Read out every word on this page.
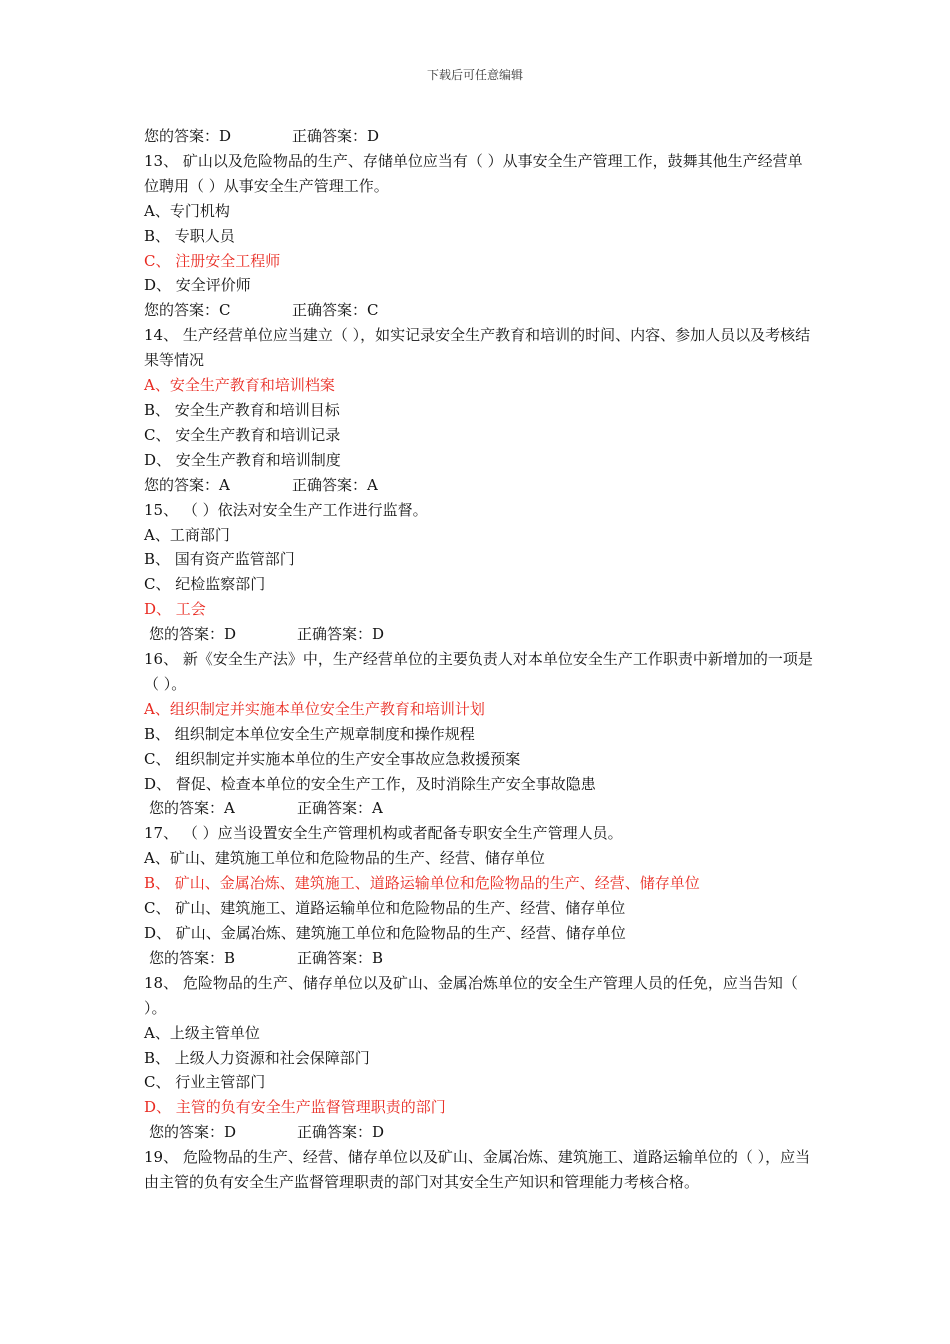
下载后可任意编辑
您的答案：D	正确答案：D
13、 矿山以及危险物品的生产、存储单位应当有（ ）从事安全生产管理工作，鼓舞其他生产经营单位聘用（ ）从事安全生产管理工作。
A、专门机构
B、 专职人员
C、 注册安全工程师
D、 安全评价师
您的答案：C	正确答案：C
14、 生产经营单位应当建立（ ），如实记录安全生产教育和培训的时间、内容、参加人员以及考核结果等情况
A、安全生产教育和培训档案
B、 安全生产教育和培训目标
C、 安全生产教育和培训记录
D、 安全生产教育和培训制度
您的答案：A	正确答案：A
15、 （ ）依法对安全生产工作进行监督。
A、工商部门
B、 国有资产监管部门
C、 纪检监察部门
D、 工会
您的答案：D	正确答案：D
16、 新《安全生产法》中，生产经营单位的主要负责人对本单位安全生产工作职责中新增加的一项是（ ）。
A、组织制定并实施本单位安全生产教育和培训计划
B、 组织制定本单位安全生产规章制度和操作规程
C、 组织制定并实施本单位的生产安全事故应急救援预案
D、 督促、检查本单位的安全生产工作，及时消除生产安全事故隐患
您的答案：A	正确答案：A
17、 （ ）应当设置安全生产管理机构或者配备专职安全生产管理人员。
A、矿山、建筑施工单位和危险物品的生产、经营、储存单位
B、 矿山、金属冶炼、建筑施工、道路运输单位和危险物品的生产、经营、储存单位
C、 矿山、建筑施工、道路运输单位和危险物品的生产、经营、储存单位
D、 矿山、金属冶炼、建筑施工单位和危险物品的生产、经营、储存单位
您的答案：B	正确答案：B
18、 危险物品的生产、储存单位以及矿山、金属冶炼单位的安全生产管理人员的任免，应当告知（ ）。
A、上级主管单位
B、 上级人力资源和社会保障部门
C、 行业主管部门
D、 主管的负有安全生产监督管理职责的部门
您的答案：D	正确答案：D
19、 危险物品的生产、经营、储存单位以及矿山、金属冶炼、建筑施工、道路运输单位的（ ），应当由主管的负有安全生产监督管理职责的部门对其安全生产知识和管理能力考核合格。
